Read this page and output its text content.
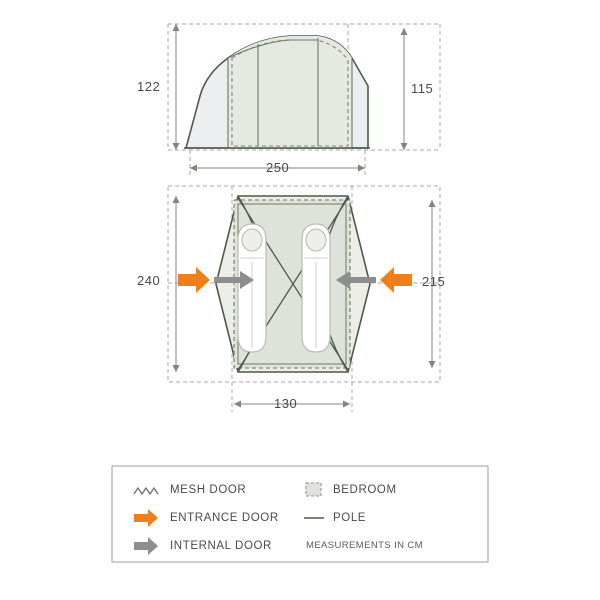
122	115
250
240	215
130
MESH DOOR
ENTRANCE DOOR
INTERNAL DOOR
BEDROOM
POLE
MEASUREMENTS IN CM
